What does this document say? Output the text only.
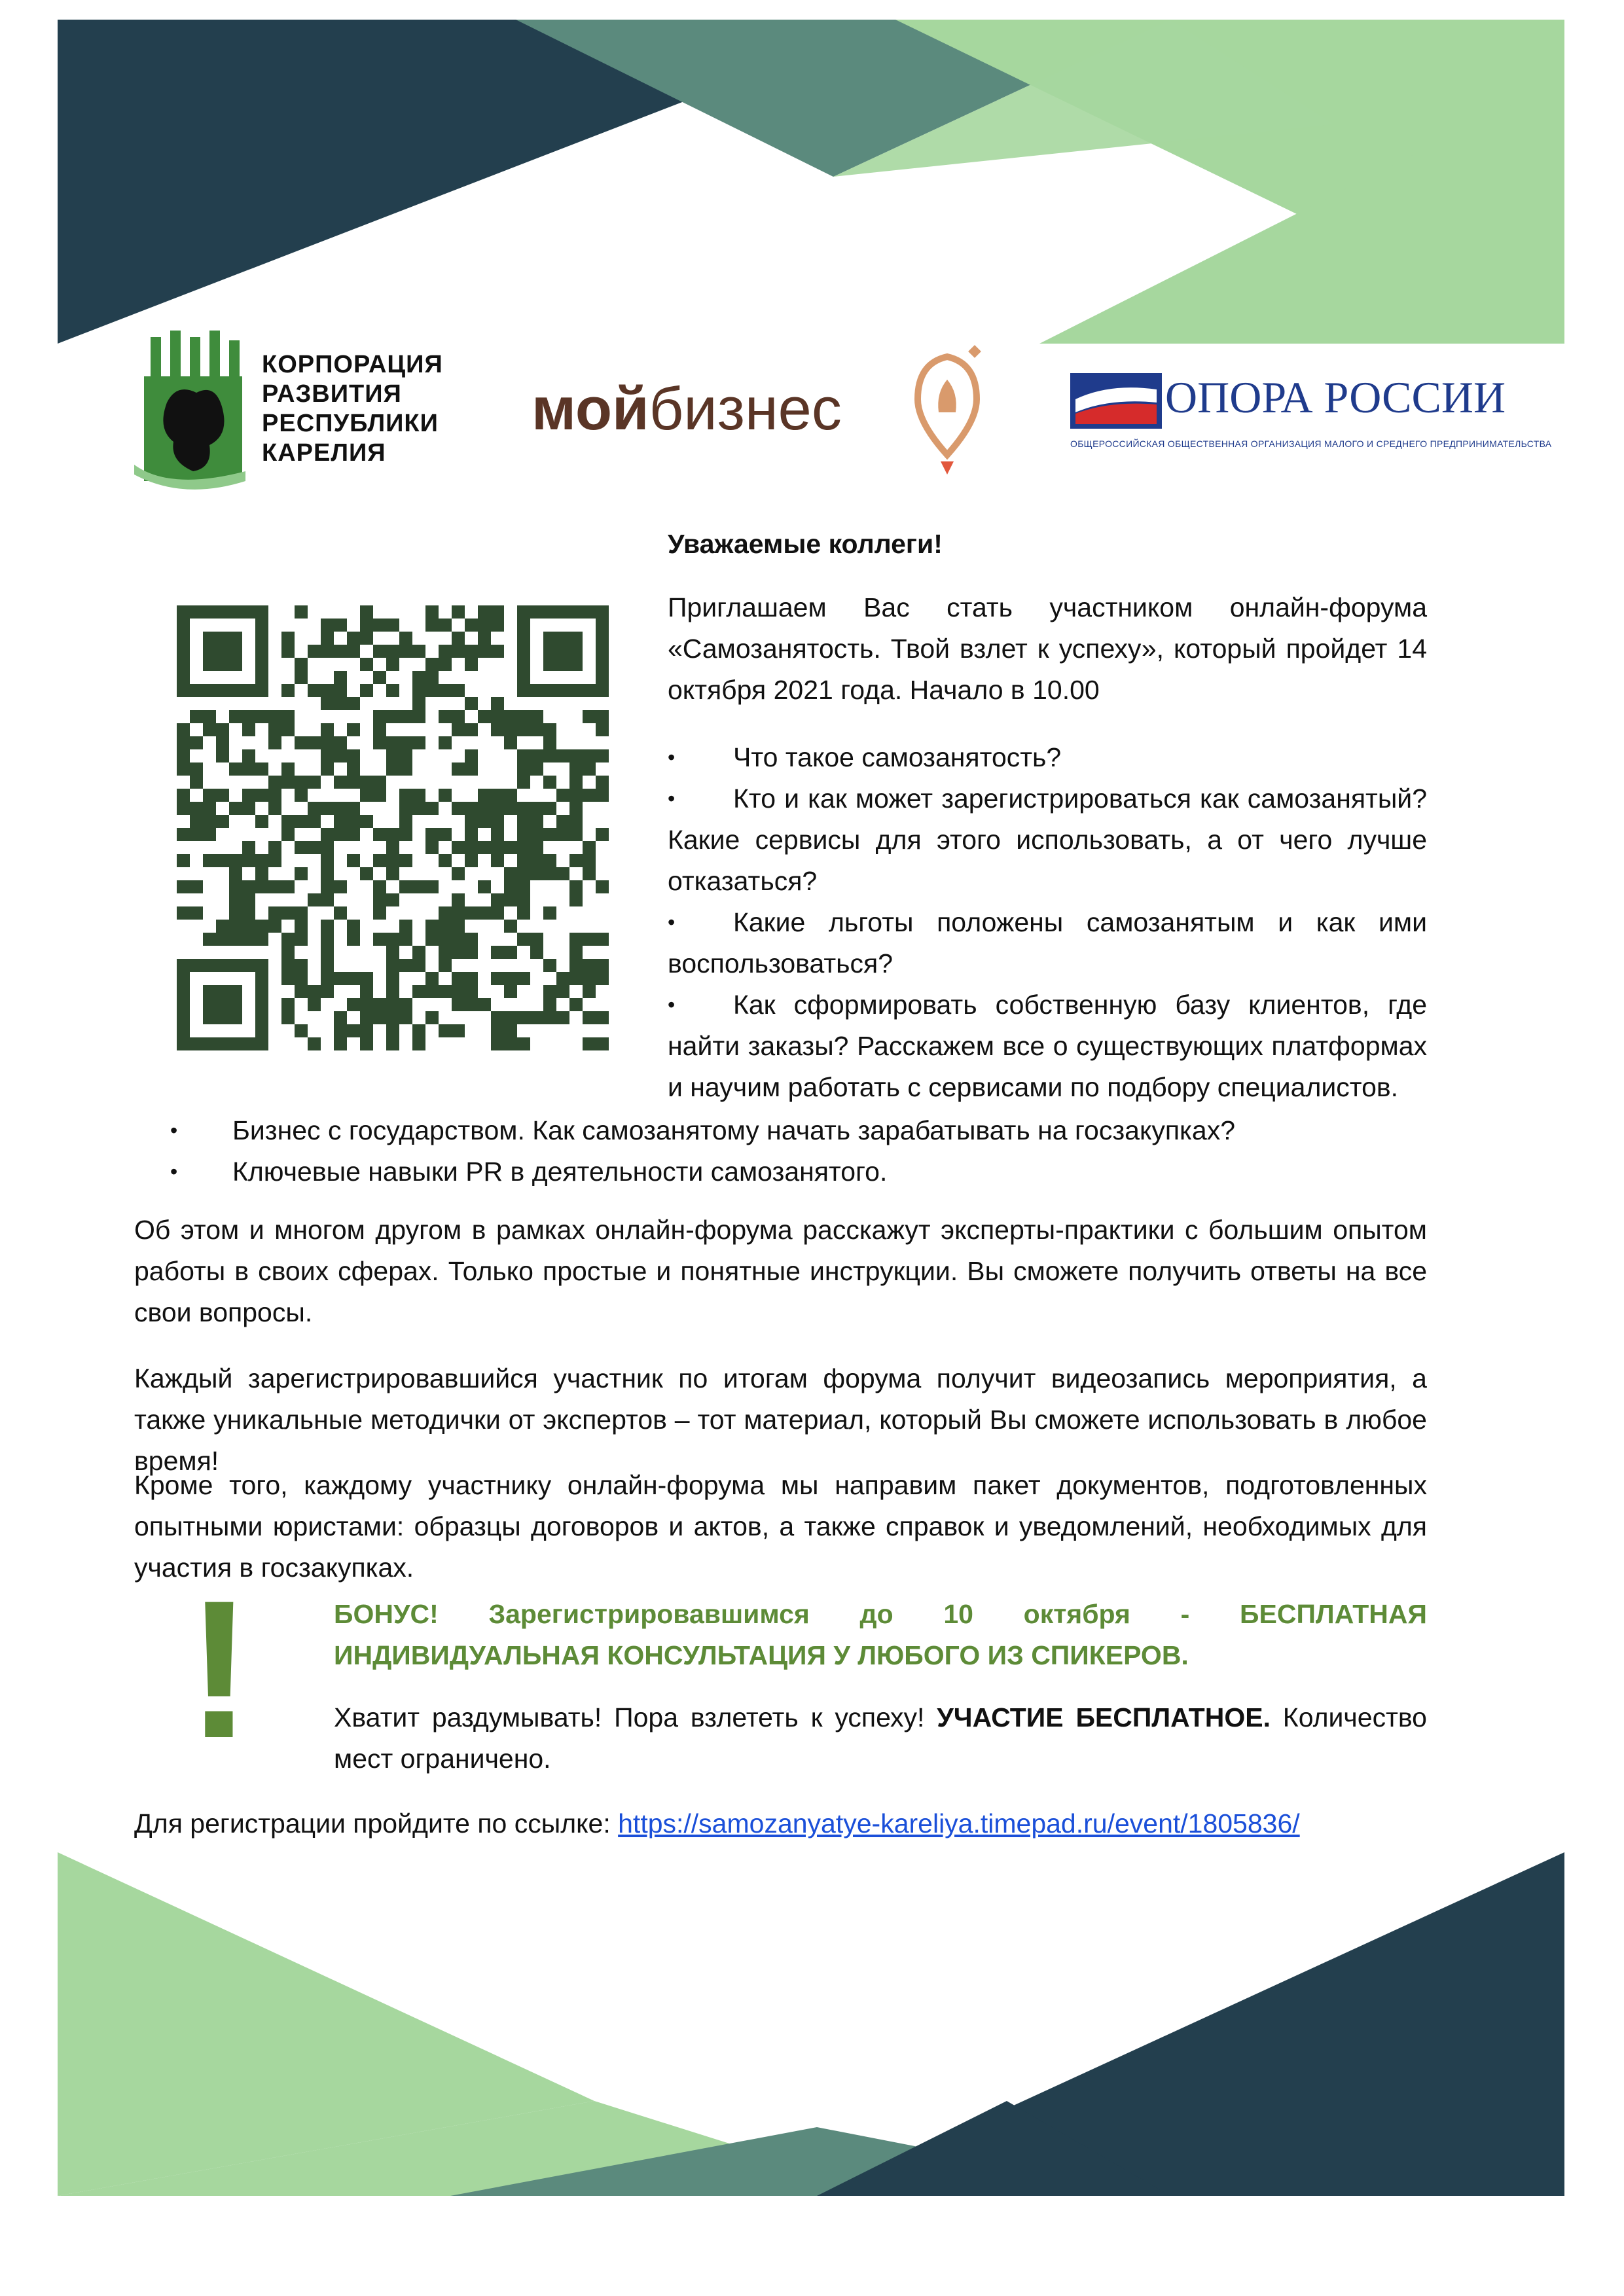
КОРПОРАЦИЯ
РАЗВИТИЯ
РЕСПУБЛИКИ
КАРЕЛИЯ
мойбизнес	ОПОРА РОССИИ
ОБЩЕРОССИЙСКАЯ ОБЩЕСТВЕННАЯ ОРГАНИЗАЦИЯ МАЛОГО И СРЕДНЕГО ПРЕДПРИНИМАТЕЛЬСТВА
Уважаемые коллеги!
Приглашаем Вас стать участником онлайн-форума «Самозанятость. Твой взлет к успеху», который пройдет 14 октября 2021 года. Начало в 10.00
• Что такое самозанятость?
• Кто и как может зарегистрироваться как самозанятый? Какие сервисы для этого использовать, а от чего лучше отказаться?
• Какие льготы положены самозанятым и как ими воспользоваться?
• Как сформировать собственную базу клиентов, где найти заказы? Расскажем все о существующих платформах и научим работать с сервисами по подбору специалистов.
• Бизнес с государством. Как самозанятому начать зарабатывать на госзакупках?
• Ключевые навыки PR в деятельности самозанятого.
Об этом и многом другом в рамках онлайн-форума расскажут эксперты-практики с большим опытом работы в своих сферах. Только простые и понятные инструкции. Вы сможете получить ответы на все свои вопросы.
Каждый зарегистрировавшийся участник по итогам форума получит видеозапись мероприятия, а также уникальные методички от экспертов – тот материал, который Вы сможете использовать в любое время!
Кроме того, каждому участнику онлайн-форума мы направим пакет документов, подготовленных опытными юристами: образцы договоров и актов, а также справок и уведомлений, необходимых для участия в госзакупках.
!	БОНУС! Зарегистрировавшимся до 10 октября - БЕСПЛАТНАЯ ИНДИВИДУАЛЬНАЯ КОНСУЛЬТАЦИЯ У ЛЮБОГО ИЗ СПИКЕРОВ.
Хватит раздумывать! Пора взлететь к успеху! УЧАСТИЕ БЕСПЛАТНОЕ. Количество мест ограничено.
Для регистрации пройдите по ссылке: https://samozanyatye-kareliya.timepad.ru/event/1805836/
